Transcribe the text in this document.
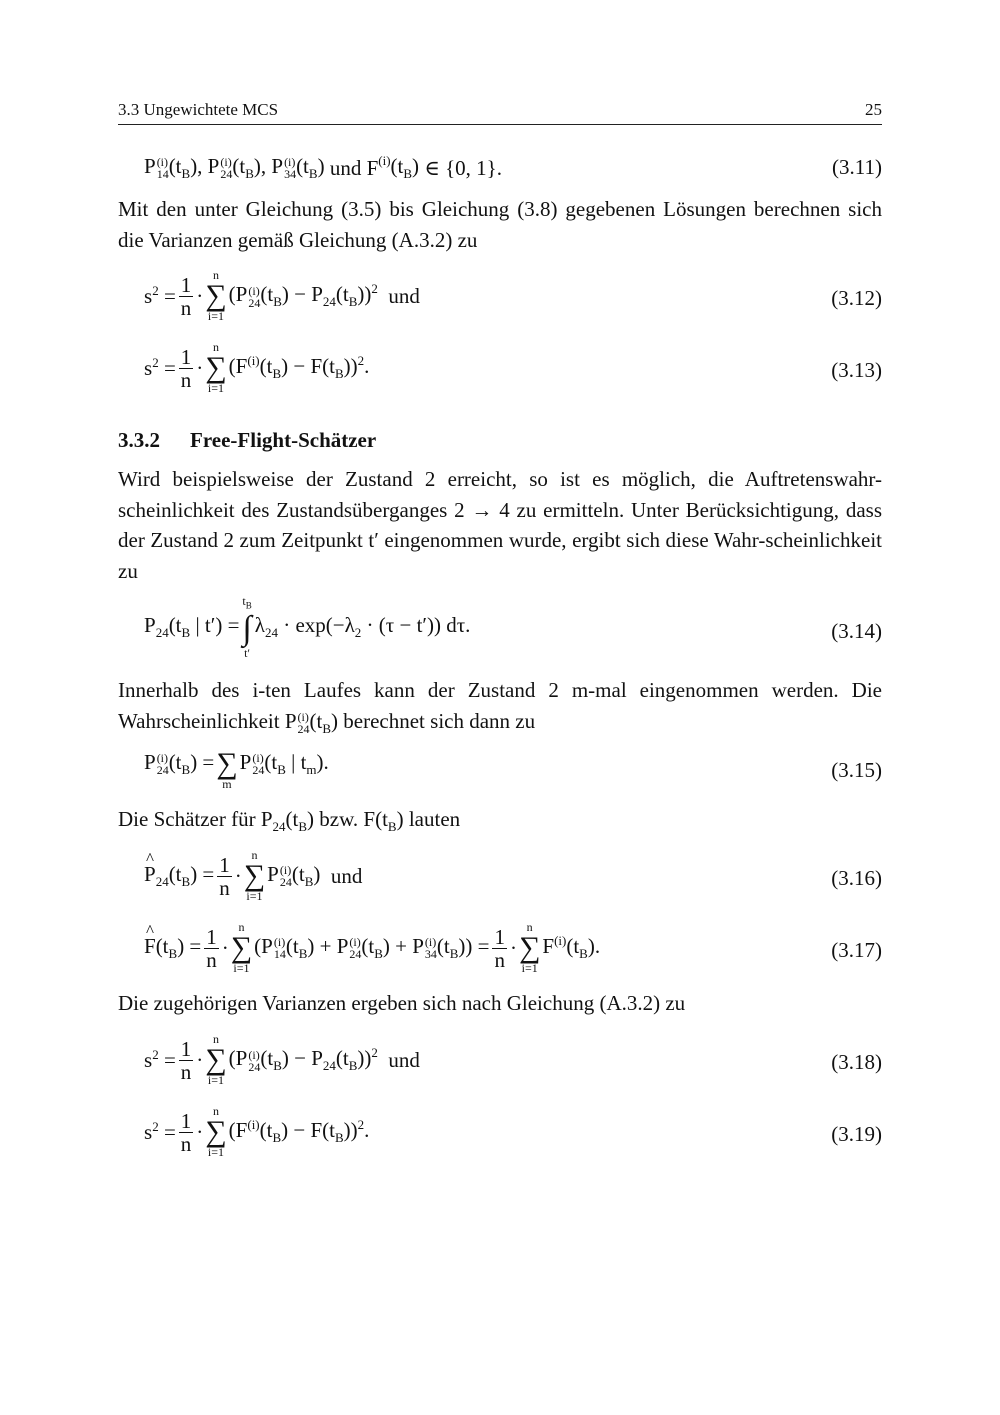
3.3 Ungewichtete MCS	25
P (i)
14 $(t_B)$, P (i)
24 $(t_B)$, P (i)
34 $(t_B)$ und F $^{(i)}(t_B)$ ∈ {0, 1}.	(3.11)
Mit den unter Gleichung (3.5) bis Gleichung (3.8) gegebenen Lösungen berechnen sich die Varianzen gemäß Gleichung (A.3.2) zu
$s^2 = \frac{1}{n}$ ·
n
∑
i=1
(P (i)
24 $(t_B) - P_{24}(t_B))^2$ und	(3.12)
$s^2 = \frac{1}{n}$ ·
n
∑
i=1
$(F^{(i)}(t_B) - F(t_B))^2$.	(3.13)
3.3.2 Free-Flight-Schätzer
Wird beispielsweise der Zustand 2 erreicht, so ist es möglich, die Auftretenswahr-scheinlichkeit des Zustandsüberganges 2 → 4 zu ermitteln. Unter Berücksichtigung, dass der Zustand 2 zum Zeitpunkt t′ eingenommen wurde, ergibt sich diese Wahr-scheinlichkeit zu
$P_{24}(t_B$ | t′) =
$t_B$
∫
t′
$\lambda_{24} \cdot \exp(-\lambda_2 \cdot (\tau - t'))$ dτ.	(3.14)
Innerhalb des i-ten Laufes kann der Zustand 2 m-mal eingenommen werden. Die Wahrscheinlichkeit P (i)
24 $(t_B)$ berechnet sich dann zu
P (i)
24 $(t_B)$ =
∑
m
P (i)
24 ($t_B$ | $t_m$).	(3.15)
Die Schätzer für $P_{24}(t_B)$ bzw. $F(t_B)$ lauten
^ $P_{24}(t_B) = \frac{1}{n}$ ·
n
∑
i=1
P (i)
24 $(t_B)$ und	(3.16)
^ $F(t_B) = \frac{1}{n}$ ·
n
∑
i=1
(P (i)
14 $(t_B) + P$ (i)
24 $(t_B) + P$ (i)
34 $(t_B)) = \frac{1}{n}$ ·
n
∑
i=1
$F^{(i)}(t_B)$.	(3.17)
Die zugehörigen Varianzen ergeben sich nach Gleichung (A.3.2) zu
$s^2 = \frac{1}{n}$ ·
n
∑
i=1
(P (i)
24 $(t_B) - P_{24}(t_B))^2$ und	(3.18)
$s^2 = \frac{1}{n}$ ·
n
∑
i=1
$(F^{(i)}(t_B) - F(t_B))^2$.	(3.19)
